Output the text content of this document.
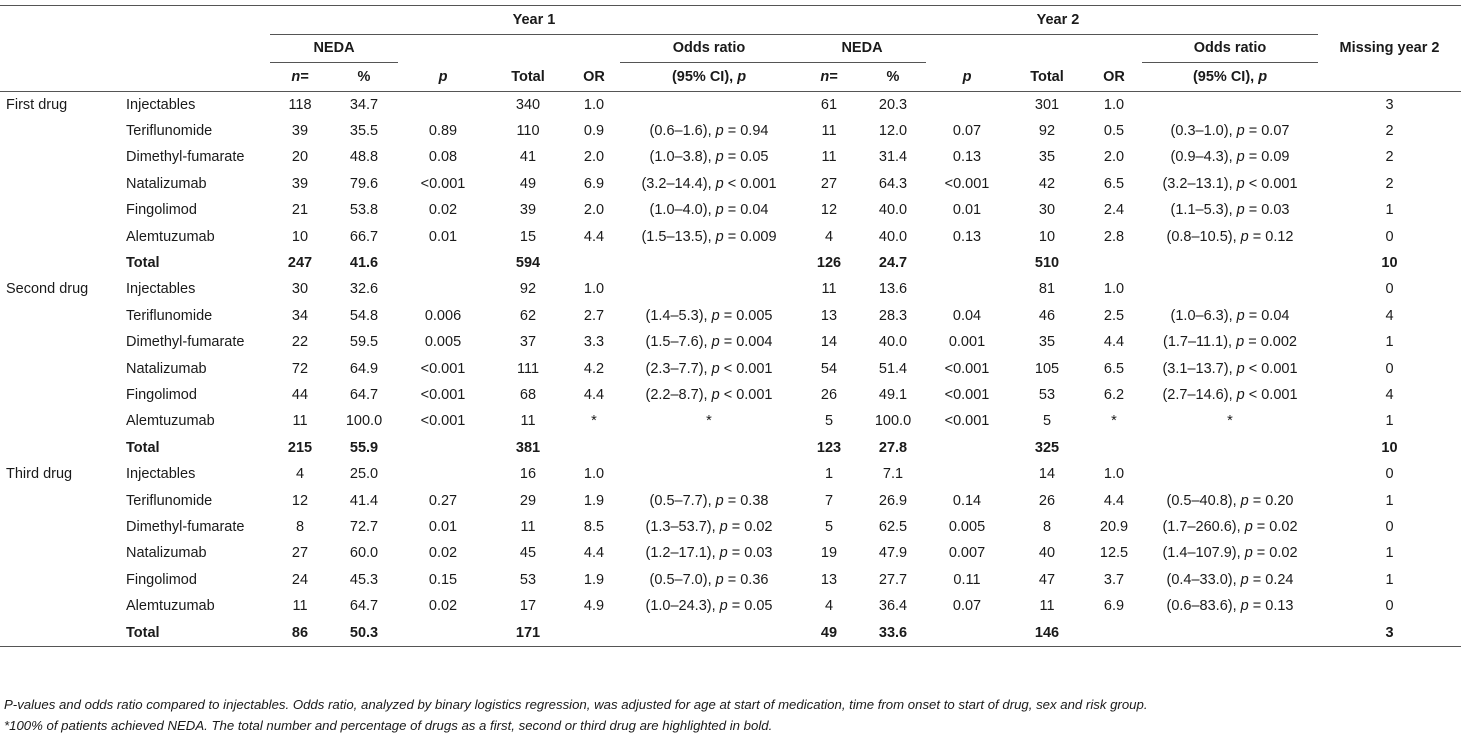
		Year 1						Year 2						
		NEDA					Odds ratio	NEDA					Odds ratio	Missing year 2
		n=	%	p	Total	OR	(95% CI), p	n=	%	p	Total	OR	(95% CI), p	
First drug	Injectables	118	34.7		340	1.0		61	20.3		301	1.0		3
	Teriflunomide	39	35.5	0.89	110	0.9	(0.6–1.6), p = 0.94	11	12.0	0.07	92	0.5	(0.3–1.0), p = 0.07	2
	Dimethyl-fumarate	20	48.8	0.08	41	2.0	(1.0–3.8), p = 0.05	11	31.4	0.13	35	2.0	(0.9–4.3), p = 0.09	2
	Natalizumab	39	79.6	<0.001	49	6.9	(3.2–14.4), p < 0.001	27	64.3	<0.001	42	6.5	(3.2–13.1), p < 0.001	2
	Fingolimod	21	53.8	0.02	39	2.0	(1.0–4.0), p = 0.04	12	40.0	0.01	30	2.4	(1.1–5.3), p = 0.03	1
	Alemtuzumab	10	66.7	0.01	15	4.4	(1.5–13.5), p = 0.009	4	40.0	0.13	10	2.8	(0.8–10.5), p = 0.12	0
	Total	247	41.6		594			126	24.7		510			10
Second drug	Injectables	30	32.6		92	1.0		11	13.6		81	1.0		0
	Teriflunomide	34	54.8	0.006	62	2.7	(1.4–5.3), p = 0.005	13	28.3	0.04	46	2.5	(1.0–6.3), p = 0.04	4
	Dimethyl-fumarate	22	59.5	0.005	37	3.3	(1.5–7.6), p = 0.004	14	40.0	0.001	35	4.4	(1.7–11.1), p = 0.002	1
	Natalizumab	72	64.9	<0.001	111	4.2	(2.3–7.7), p < 0.001	54	51.4	<0.001	105	6.5	(3.1–13.7), p < 0.001	0
	Fingolimod	44	64.7	<0.001	68	4.4	(2.2–8.7), p < 0.001	26	49.1	<0.001	53	6.2	(2.7–14.6), p < 0.001	4
	Alemtuzumab	11	100.0	<0.001	11	*	*	5	100.0	<0.001	5	*	*	1
	Total	215	55.9		381			123	27.8		325			10
Third drug	Injectables	4	25.0		16	1.0		1	7.1		14	1.0		0
	Teriflunomide	12	41.4	0.27	29	1.9	(0.5–7.7), p = 0.38	7	26.9	0.14	26	4.4	(0.5–40.8), p = 0.20	1
	Dimethyl-fumarate	8	72.7	0.01	11	8.5	(1.3–53.7), p = 0.02	5	62.5	0.005	8	20.9	(1.7–260.6), p = 0.02	0
	Natalizumab	27	60.0	0.02	45	4.4	(1.2–17.1), p = 0.03	19	47.9	0.007	40	12.5	(1.4–107.9), p = 0.02	1
	Fingolimod	24	45.3	0.15	53	1.9	(0.5–7.0), p = 0.36	13	27.7	0.11	47	3.7	(0.4–33.0), p = 0.24	1
	Alemtuzumab	11	64.7	0.02	17	4.9	(1.0–24.3), p = 0.05	4	36.4	0.07	11	6.9	(0.6–83.6), p = 0.13	0
	Total	86	50.3		171			49	33.6		146			3
P-values and odds ratio compared to injectables. Odds ratio, analyzed by binary logistics regression, was adjusted for age at start of medication, time from onset to start of drug, sex and risk group.
*100% of patients achieved NEDA. The total number and percentage of drugs as a first, second or third drug are highlighted in bold.
